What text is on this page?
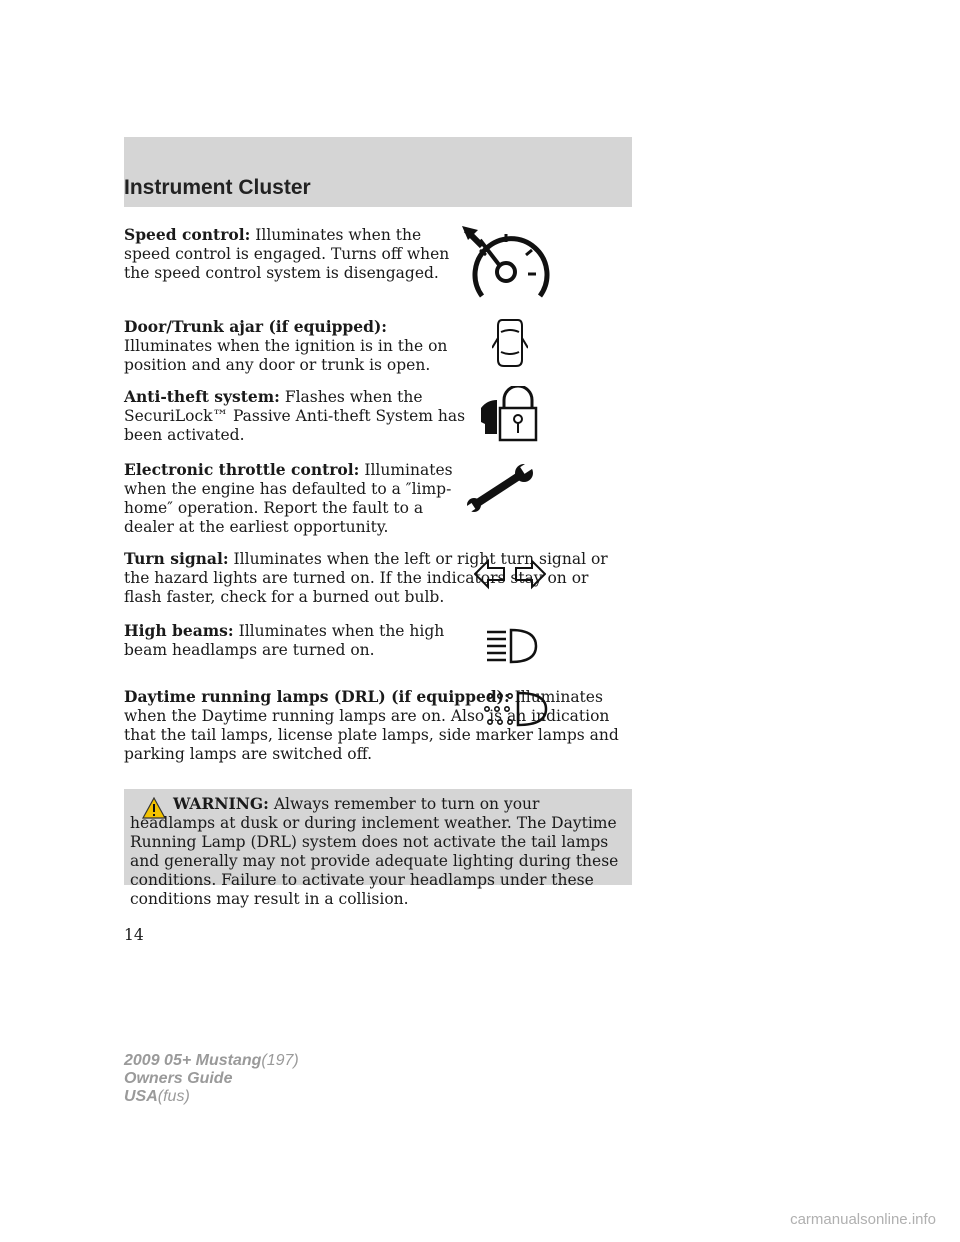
Instrument Cluster
Speed control: Illuminates when the speed control is engaged. Turns off when the speed control system is disengaged.
Door/Trunk ajar (if equipped): Illuminates when the ignition is in the on position and any door or trunk is open.
Anti-theft system: Flashes when the SecuriLock™ Passive Anti-theft System has been activated.
Electronic throttle control: Illuminates when the engine has defaulted to a ″limp-home″ operation. Report the fault to a dealer at the earliest opportunity.
Turn signal: Illuminates when the left or right turn signal or the hazard lights are turned on. If the indicators stay on or flash faster, check for a burned out bulb.
High beams: Illuminates when the high beam headlamps are turned on.
Daytime running lamps (DRL) (if equipped): Illuminates when the Daytime running lamps are on. Also is an indication that the tail lamps, license plate lamps, side marker lamps and parking lamps are switched off.
WARNING: Always remember to turn on your headlamps at dusk or during inclement weather. The Daytime Running Lamp (DRL) system does not activate the tail lamps and generally may not provide adequate lighting during these conditions. Failure to activate your headlamps under these conditions may result in a collision.
14
2009 05+ Mustang(197)
Owners Guide
USA(fus)
carmanualsonline.info
